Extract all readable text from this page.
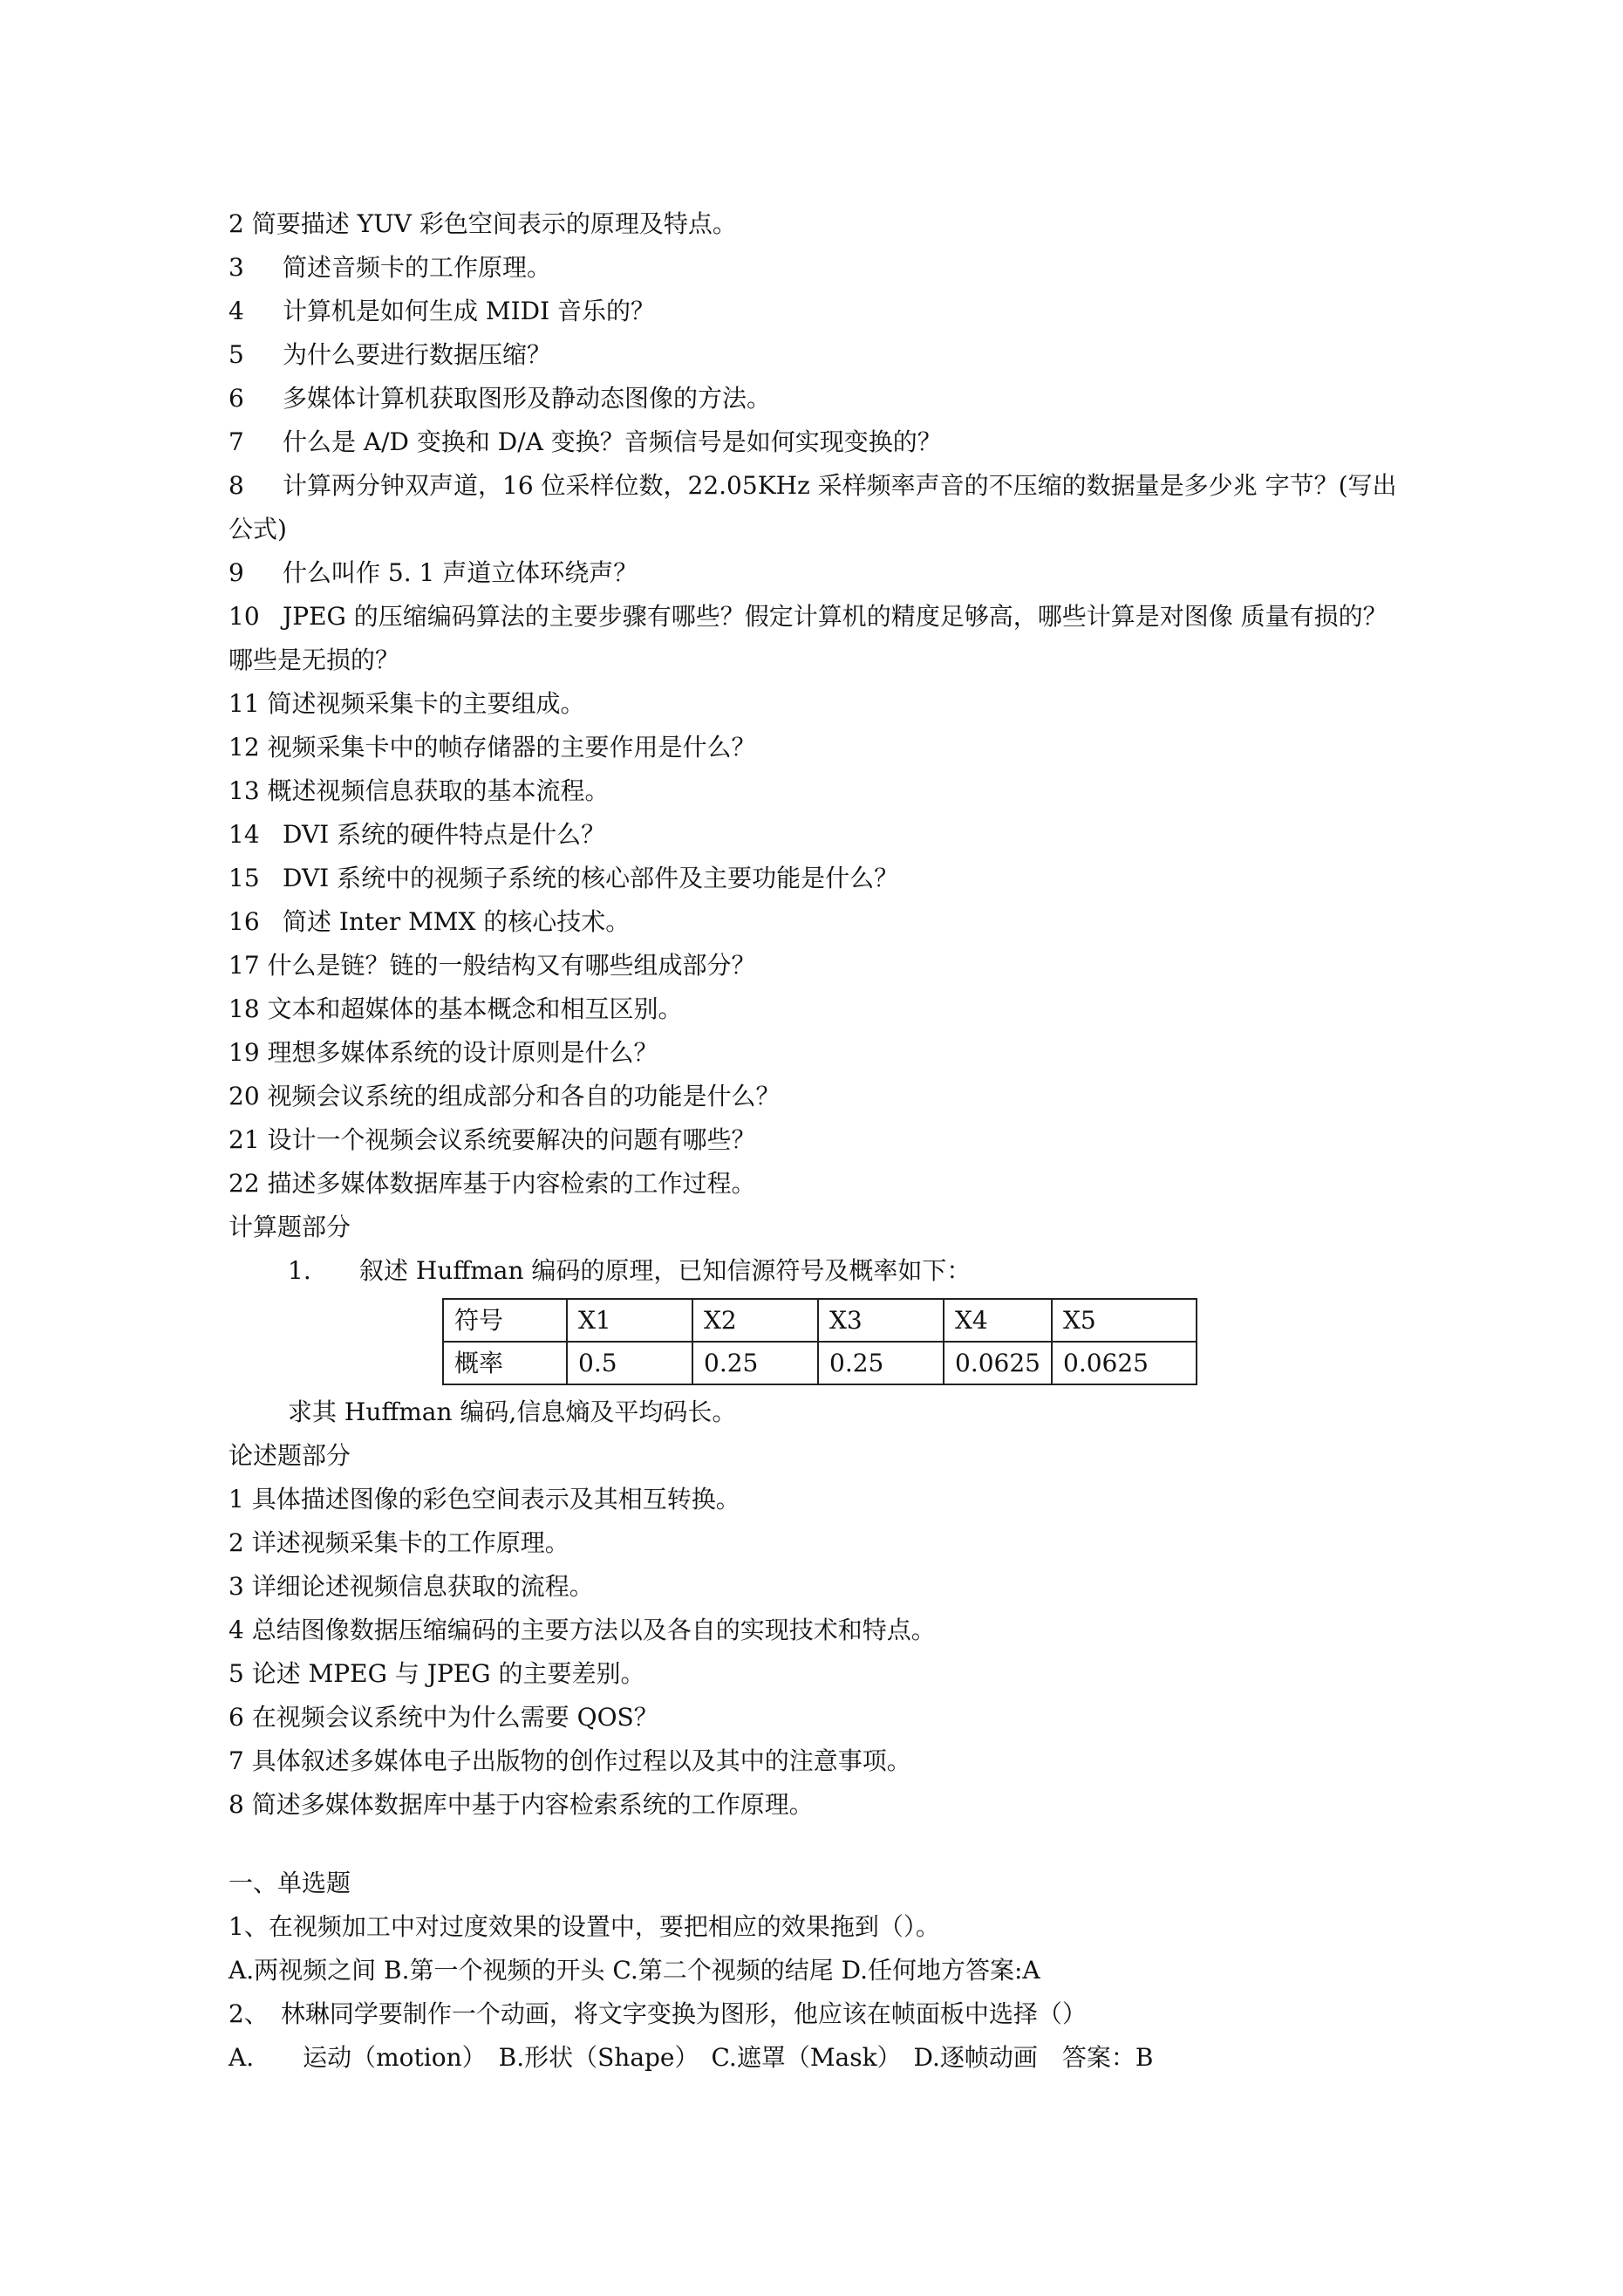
2 简要描述 YUV 彩色空间表示的原理及特点。

3 简述音频卡的工作原理。

4 计算机是如何生成 MIDI 音乐的？

5 为什么要进行数据压缩？

6 多媒体计算机获取图形及静动态图像的方法。

7 什么是 A/D 变换和 D/A 变换？音频信号是如何实现变换的？

8 计算两分钟双声道，16 位采样位数，22.05KHz 采样频率声音的不压缩的数据量是多少兆 字节？(写出公式)

9 什么叫作 5. 1 声道立体环绕声？

10 JPEG 的压缩编码算法的主要步骤有哪些？假定计算机的精度足够高，哪些计算是对图像 质量有损的？哪些是无损的？

11 简述视频采集卡的主要组成。

12 视频采集卡中的帧存储器的主要作用是什么？

13 概述视频信息获取的基本流程。

14 DVI 系统的硬件特点是什么？

15 DVI 系统中的视频子系统的核心部件及主要功能是什么？

16 简述 Inter MMX 的核心技术。

17 什么是链？链的一般结构又有哪些组成部分？

18 文本和超媒体的基本概念和相互区别。

19 理想多媒体系统的设计原则是什么？

20 视频会议系统的组成部分和各自的功能是什么？

21 设计一个视频会议系统要解决的问题有哪些？

22 描述多媒体数据库基于内容检索的工作过程。

计算题部分

1. 叙述 Huffman 编码的原理，已知信源符号及概率如下：

符号	X1	X2	X3	X4	X5
概率	0.5	0.25	0.25	0.0625	0.0625

求其 Huffman 编码,信息熵及平均码长。

论述题部分

1 具体描述图像的彩色空间表示及其相互转换。

2 详述视频采集卡的工作原理。

3 详细论述视频信息获取的流程。

4 总结图像数据压缩编码的主要方法以及各自的实现技术和特点。

5 论述 MPEG 与 JPEG 的主要差别。

6 在视频会议系统中为什么需要 QOS？

7 具体叙述多媒体电子出版物的创作过程以及其中的注意事项。

8 简述多媒体数据库中基于内容检索系统的工作原理。

一、单选题

1、在视频加工中对过度效果的设置中，要把相应的效果拖到（）。

A.两视频之间 B.第一个视频的开头 C.第二个视频的结尾 D.任何地方答案:A

2、　林琳同学要制作一个动画，将文字变换为图形，他应该在帧面板中选择（）

A.　　运动（motion）　B.形状（Shape）　C.遮罩（Mask）　D.逐帧动画　答案：B
